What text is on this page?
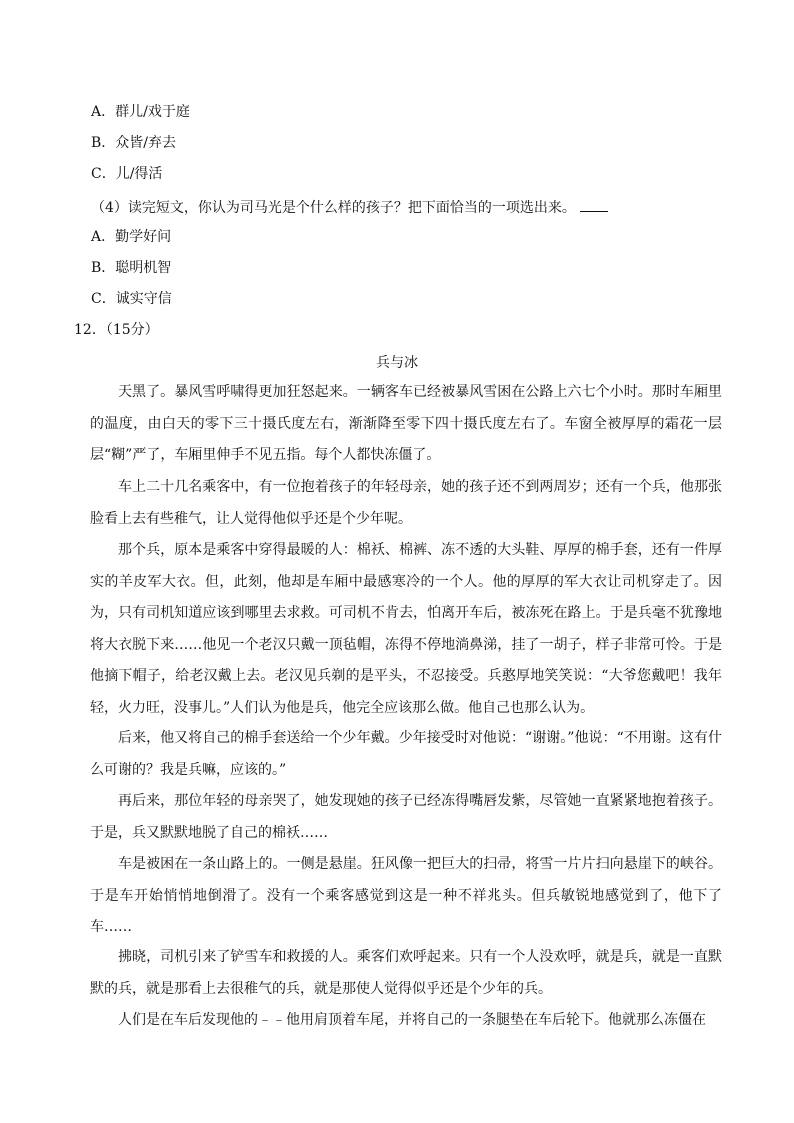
A．群儿/戏于庭
B．众皆/弃去
C．儿/得活
（4）读完短文，你认为司马光是个什么样的孩子？把下面恰当的一项选出来。
A．勤学好问
B．聪明机智
C．诚实守信
12．（15分）
兵与冰

天黑了。暴风雪呼啸得更加狂怒起来。一辆客车已经被暴风雪困在公路上六七个小时。那时车厢里的温度，由白天的零下三十摄氏度左右，渐渐降至零下四十摄氏度左右了。车窗全被厚厚的霜花一层层“糊”严了，车厢里伸手不见五指。每个人都快冻僵了。

车上二十几名乘客中，有一位抱着孩子的年轻母亲，她的孩子还不到两周岁；还有一个兵，他那张脸看上去有些稚气，让人觉得他似乎还是个少年呢。

那个兵，原本是乘客中穿得最暖的人：棉袄、棉裤、冻不透的大头鞋、厚厚的棉手套，还有一件厚实的羊皮军大衣。但，此刻，他却是车厢中最感寒冷的一个人。他的厚厚的军大衣让司机穿走了。因为，只有司机知道应该到哪里去求救。可司机不肯去，怕离开车后，被冻死在路上。于是兵毫不犹豫地将大衣脱下来……他见一个老汉只戴一顶毡帽，冻得不停地淌鼻涕，挂了一胡子，样子非常可怜。于是他摘下帽子，给老汉戴上去。老汉见兵剃的是平头，不忍接受。兵憨厚地笑笑说：“大爷您戴吧！我年轻，火力旺，没事儿。”人们认为他是兵，他完全应该那么做。他自己也那么认为。

后来，他又将自己的棉手套送给一个少年戴。少年接受时对他说：“谢谢。”他说：“不用谢。这有什么可谢的？我是兵嘛，应该的。”

再后来，那位年轻的母亲哭了，她发现她的孩子已经冻得嘴唇发紫，尽管她一直紧紧地抱着孩子。于是，兵又默默地脱了自己的棉袄……

车是被困在一条山路上的。一侧是悬崖。狂风像一把巨大的扫帚，将雪一片片扫向悬崖下的峡谷。于是车开始悄悄地倒滑了。没有一个乘客感觉到这是一种不祥兆头。但兵敏锐地感觉到了，他下了车……

拂晓，司机引来了铲雪车和救援的人。乘客们欢呼起来。只有一个人没欢呼，就是兵，就是一直默默的兵，就是那看上去很稚气的兵，就是那使人觉得似乎还是个少年的兵。

人们是在车后发现他的﹣﹣他用肩顶着车尾，并将自己的一条腿垫在车后轮下。他就那么冻僵在
